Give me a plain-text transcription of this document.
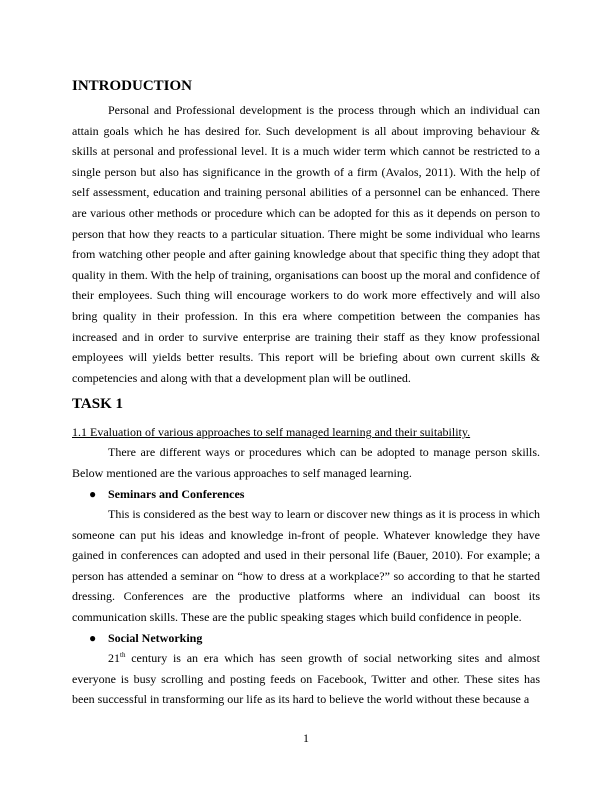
INTRODUCTION

Personal and Professional development is the process through which an individual can attain goals which he has desired for. Such development is all about improving behaviour & skills at personal and professional level. It is a much wider term which cannot be restricted to a single person but also has significance in the growth of a firm (Avalos, 2011). With the help of self assessment, education and training personal abilities of a personnel can be enhanced. There are various other methods or procedure which can be adopted for this as it depends on person to person that how they reacts to a particular situation. There might be some individual who learns from watching other people and after gaining knowledge about that specific thing they adopt that quality in them. With the help of training, organisations can boost up the moral and confidence of their employees. Such thing will encourage workers to do work more effectively and will also bring quality in their profession. In this era where competition between the companies has increased and in order to survive enterprise are training their staff as they know professional employees will yields better results. This report will be briefing about own current skills & competencies and along with that a development plan will be outlined.

TASK 1
1.1 Evaluation of various approaches to self managed learning and their suitability.

There are different ways or procedures which can be adopted to manage person skills. Below mentioned are the various approaches to self managed learning.

● Seminars and Conferences

This is considered as the best way to learn or discover new things as it is process in which someone can put his ideas and knowledge in-front of people. Whatever knowledge they have gained in conferences can adopted and used in their personal life (Bauer, 2010). For example; a person has attended a seminar on “how to dress at a workplace?” so according to that he started dressing. Conferences are the productive platforms where an individual can boost its communication skills. These are the public speaking stages which build confidence in people.

● Social Networking

21th century is an era which has seen growth of social networking sites and almost everyone is busy scrolling and posting feeds on Facebook, Twitter and other. These sites has been successful in transforming our life as its hard to believe the world without these because a

1
